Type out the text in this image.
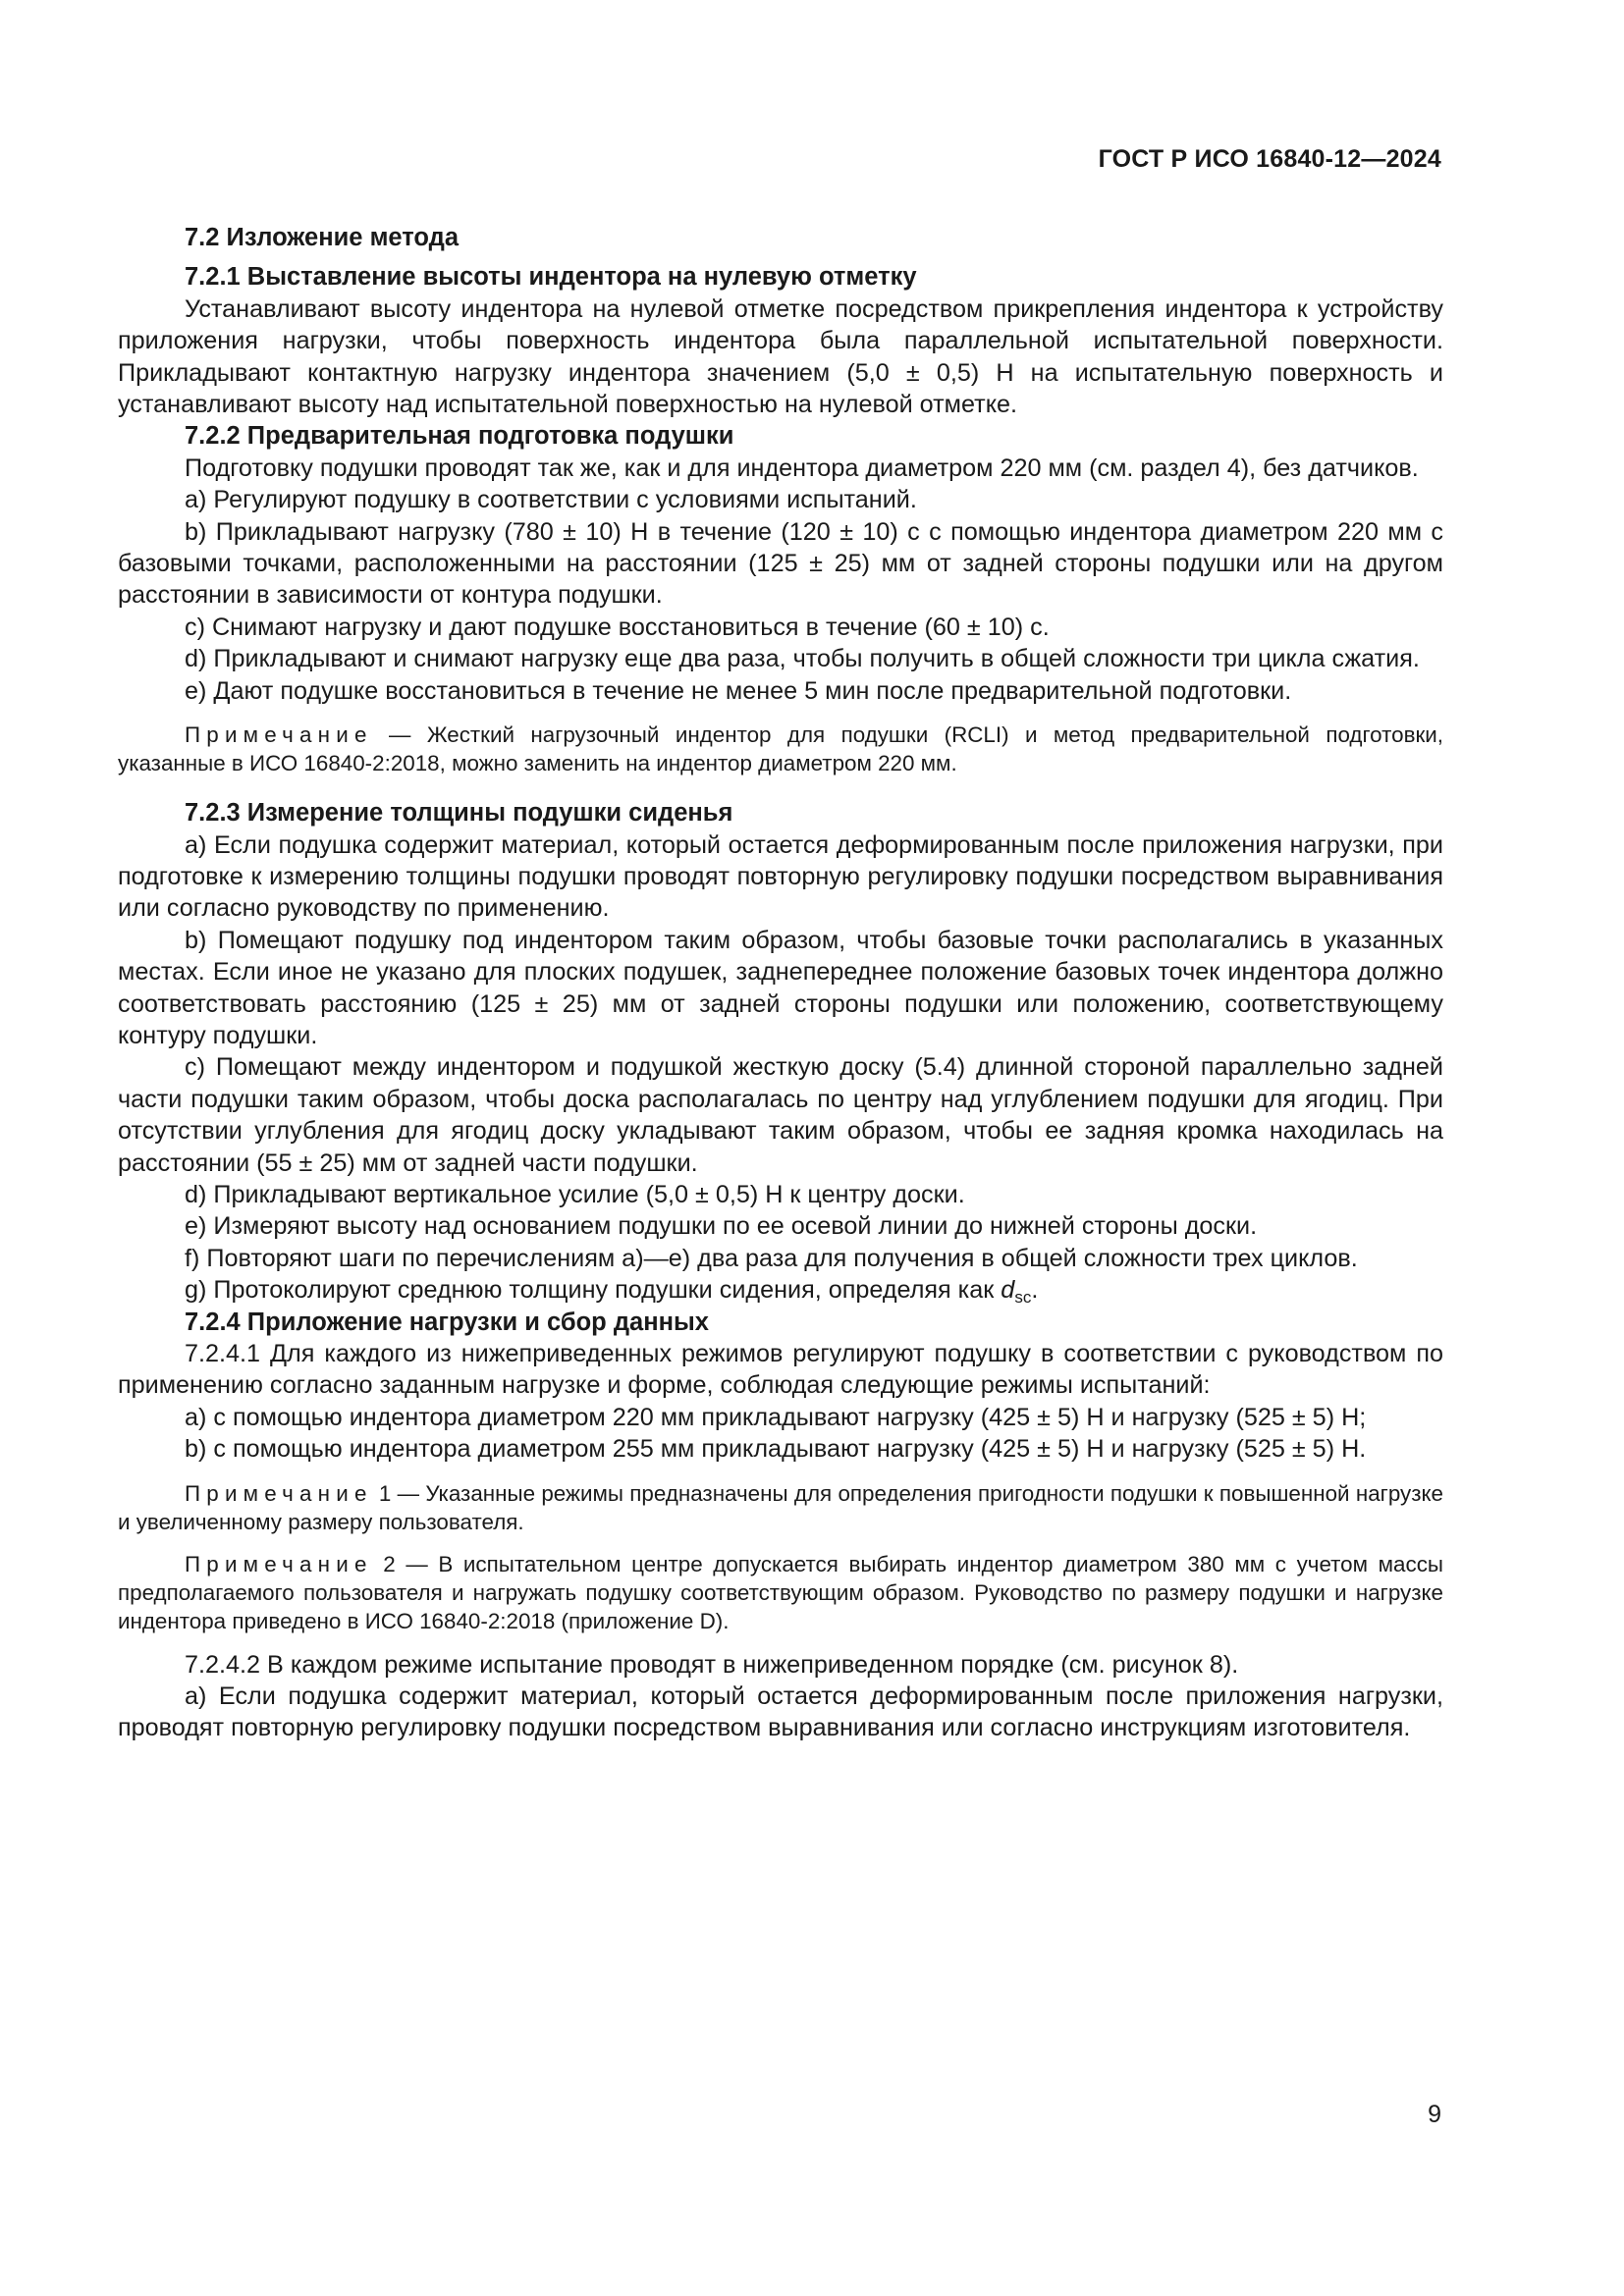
ГОСТ Р ИСО 16840-12—2024
7.2 Изложение метода
7.2.1 Выставление высоты индентора на нулевую отметку

Устанавливают высоту индентора на нулевой отметке посредством прикрепления индентора к устройству приложения нагрузки, чтобы поверхность индентора была параллельной испытательной поверхности. Прикладывают контактную нагрузку индентора значением (5,0 ± 0,5) Н на испытательную поверхность и устанавливают высоту над испытательной поверхностью на нулевой отметке.

7.2.2 Предварительная подготовка подушки

Подготовку подушки проводят так же, как и для индентора диаметром 220 мм (см. раздел 4), без датчиков.

a) Регулируют подушку в соответствии с условиями испытаний.

b) Прикладывают нагрузку (780 ± 10) Н в течение (120 ± 10) с с помощью индентора диаметром 220 мм с базовыми точками, расположенными на расстоянии (125 ± 25) мм от задней стороны подушки или на другом расстоянии в зависимости от контура подушки.

c) Снимают нагрузку и дают подушке восстановиться в течение (60 ± 10) с.

d) Прикладывают и снимают нагрузку еще два раза, чтобы получить в общей сложности три цикла сжатия.

e) Дают подушке восстановиться в течение не менее 5 мин после предварительной подготовки.

Примечание — Жесткий нагрузочный индентор для подушки (RCLI) и метод предварительной подготовки, указанные в ИСО 16840-2:2018, можно заменить на индентор диаметром 220 мм.

7.2.3 Измерение толщины подушки сиденья

a) Если подушка содержит материал, который остается деформированным после приложения нагрузки, при подготовке к измерению толщины подушки проводят повторную регулировку подушки посредством выравнивания или согласно руководству по применению.

b) Помещают подушку под индентором таким образом, чтобы базовые точки располагались в указанных местах. Если иное не указано для плоских подушек, заднепереднее положение базовых точек индентора должно соответствовать расстоянию (125 ± 25) мм от задней стороны подушки или положению, соответствующему контуру подушки.

c) Помещают между индентором и подушкой жесткую доску (5.4) длинной стороной параллельно задней части подушки таким образом, чтобы доска располагалась по центру над углублением подушки для ягодиц. При отсутствии углубления для ягодиц доску укладывают таким образом, чтобы ее задняя кромка находилась на расстоянии (55 ± 25) мм от задней части подушки.

d) Прикладывают вертикальное усилие (5,0 ± 0,5) Н к центру доски.

e) Измеряют высоту над основанием подушки по ее осевой линии до нижней стороны доски.

f) Повторяют шаги по перечислениям a)—e) два раза для получения в общей сложности трех циклов.

g) Протоколируют среднюю толщину подушки сидения, определяя как $d_{sc}$.

7.2.4 Приложение нагрузки и сбор данных

7.2.4.1 Для каждого из нижеприведенных режимов регулируют подушку в соответствии с руководством по применению согласно заданным нагрузке и форме, соблюдая следующие режимы испытаний:

a) с помощью индентора диаметром 220 мм прикладывают нагрузку (425 ± 5) Н и нагрузку (525 ± 5) Н;

b) с помощью индентора диаметром 255 мм прикладывают нагрузку (425 ± 5) Н и нагрузку (525 ± 5) Н.

Примечание 1 — Указанные режимы предназначены для определения пригодности подушки к повышенной нагрузке и увеличенному размеру пользователя.

Примечание 2 — В испытательном центре допускается выбирать индентор диаметром 380 мм с учетом массы предполагаемого пользователя и нагружать подушку соответствующим образом. Руководство по размеру подушки и нагрузке индентора приведено в ИСО 16840-2:2018 (приложение D).

7.2.4.2 В каждом режиме испытание проводят в нижеприведенном порядке (см. рисунок 8).

a) Если подушка содержит материал, который остается деформированным после приложения нагрузки, проводят повторную регулировку подушки посредством выравнивания или согласно инструкциям изготовителя.

9
